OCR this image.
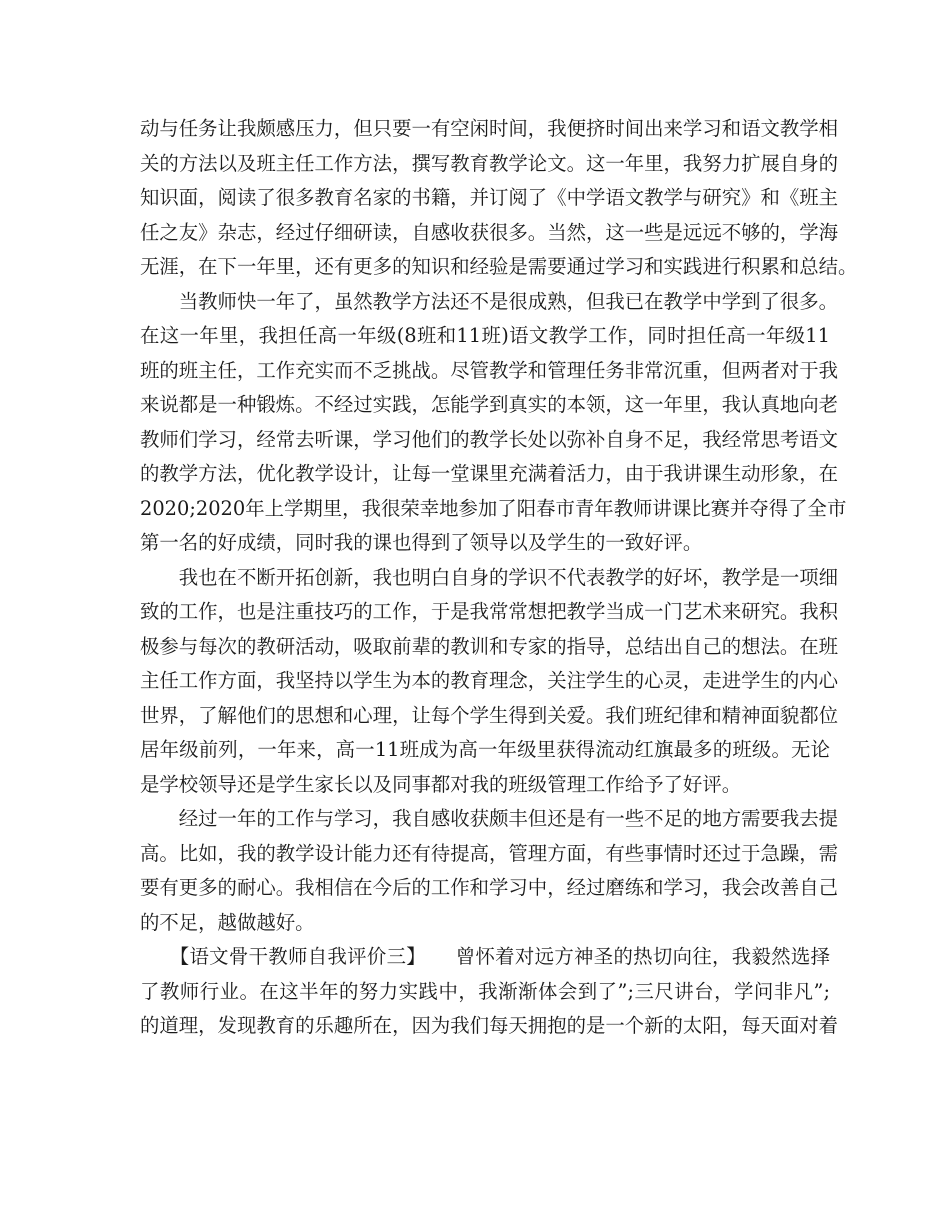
动与任务让我颇感压力，但只要一有空闲时间，我便挤时间出来学习和语文教学相
关的方法以及班主任工作方法，撰写教育教学论文。这一年里，我努力扩展自身的
知识面，阅读了很多教育名家的书籍，并订阅了《中学语文教学与研究》和《班主
任之友》杂志，经过仔细研读，自感收获很多。当然，这一些是远远不够的，学海
无涯，在下一年里，还有更多的知识和经验是需要通过学习和实践进行积累和总结。
　　当教师快一年了，虽然教学方法还不是很成熟，但我已在教学中学到了很多。
在这一年里，我担任高一年级(8班和11班)语文教学工作，同时担任高一年级11
班的班主任，工作充实而不乏挑战。尽管教学和管理任务非常沉重，但两者对于我
来说都是一种锻炼。不经过实践，怎能学到真实的本领，这一年里，我认真地向老
教师们学习，经常去听课，学习他们的教学长处以弥补自身不足，我经常思考语文
的教学方法，优化教学设计，让每一堂课里充满着活力，由于我讲课生动形象，在
2020;2020年上学期里，我很荣幸地参加了阳春市青年教师讲课比赛并夺得了全市
第一名的好成绩，同时我的课也得到了领导以及学生的一致好评。
　　我也在不断开拓创新，我也明白自身的学识不代表教学的好坏，教学是一项细
致的工作，也是注重技巧的工作，于是我常常想把教学当成一门艺术来研究。我积
极参与每次的教研活动，吸取前辈的教训和专家的指导，总结出自己的想法。在班
主任工作方面，我坚持以学生为本的教育理念，关注学生的心灵，走进学生的内心
世界，了解他们的思想和心理，让每个学生得到关爱。我们班纪律和精神面貌都位
居年级前列，一年来，高一11班成为高一年级里获得流动红旗最多的班级。无论
是学校领导还是学生家长以及同事都对我的班级管理工作给予了好评。
　　经过一年的工作与学习，我自感收获颇丰但还是有一些不足的地方需要我去提
高。比如，我的教学设计能力还有待提高，管理方面，有些事情时还过于急躁，需
要有更多的耐心。我相信在今后的工作和学习中，经过磨练和学习，我会改善自己
的不足，越做越好。
　　【语文骨干教师自我评价三】　　曾怀着对远方神圣的热切向往，我毅然选择
了教师行业。在这半年的努力实践中，我渐渐体会到了”;三尺讲台，学问非凡”;
的道理，发现教育的乐趣所在，因为我们每天拥抱的是一个新的太阳，每天面对着
